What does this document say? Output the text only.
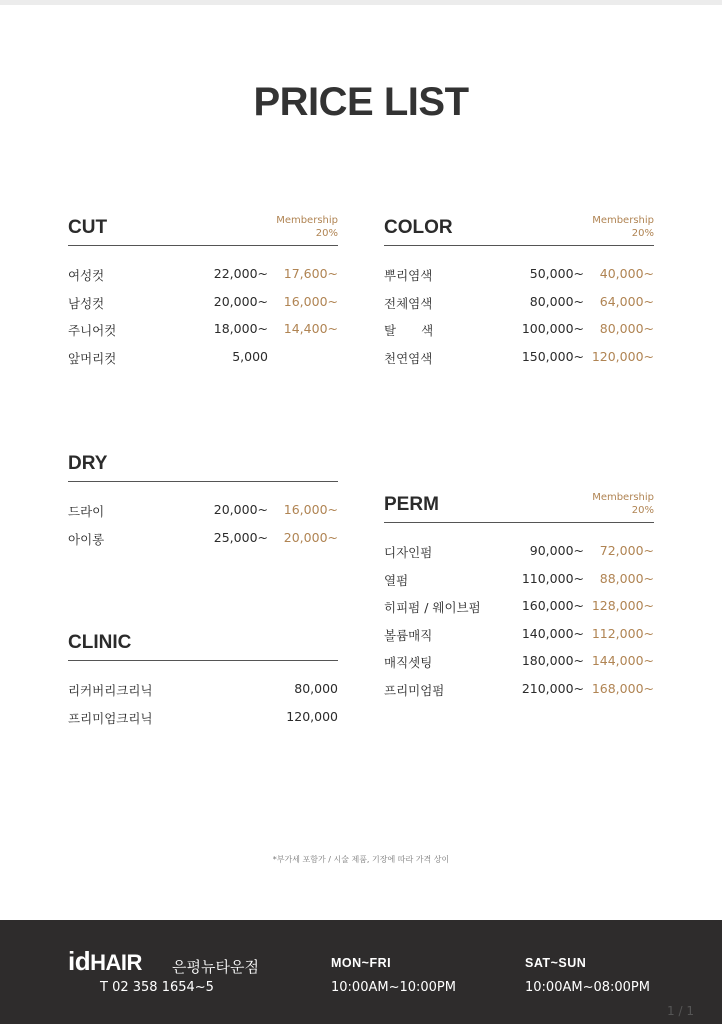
PRICE LIST
CUT	Membership
20%
여성컷	22,000~ 17,600~
남성컷	20,000~ 16,000~
주니어컷	18,000~ 14,400~
앞머리컷	5,000
COLOR	Membership
20%
뿌리염색	50,000~ 40,000~
전체염색	80,000~ 64,000~
탈　　색	100,000~ 80,000~
천연염색	150,000~ 120,000~
DRY
드라이	20,000~ 16,000~
아이롱	25,000~ 20,000~
PERM	Membership
20%
디자인펌	90,000~ 72,000~
열펌	110,000~ 88,000~
히피펌 / 웨이브펌	160,000~ 128,000~
볼륨매직	140,000~ 112,000~
매직셋팅	180,000~ 144,000~
프리미엄펌	210,000~ 168,000~
CLINIC
리커버리크리닉	80,000
프리미엄크리닉	120,000
*부가세 포함가 / 시술 제품, 기장에 따라 가격 상이
idHAIR 은평뉴타운점
T 02 358 1654~5
MON~FRI
10:00AM~10:00PM
SAT~SUN
10:00AM~08:00PM
1 / 1
